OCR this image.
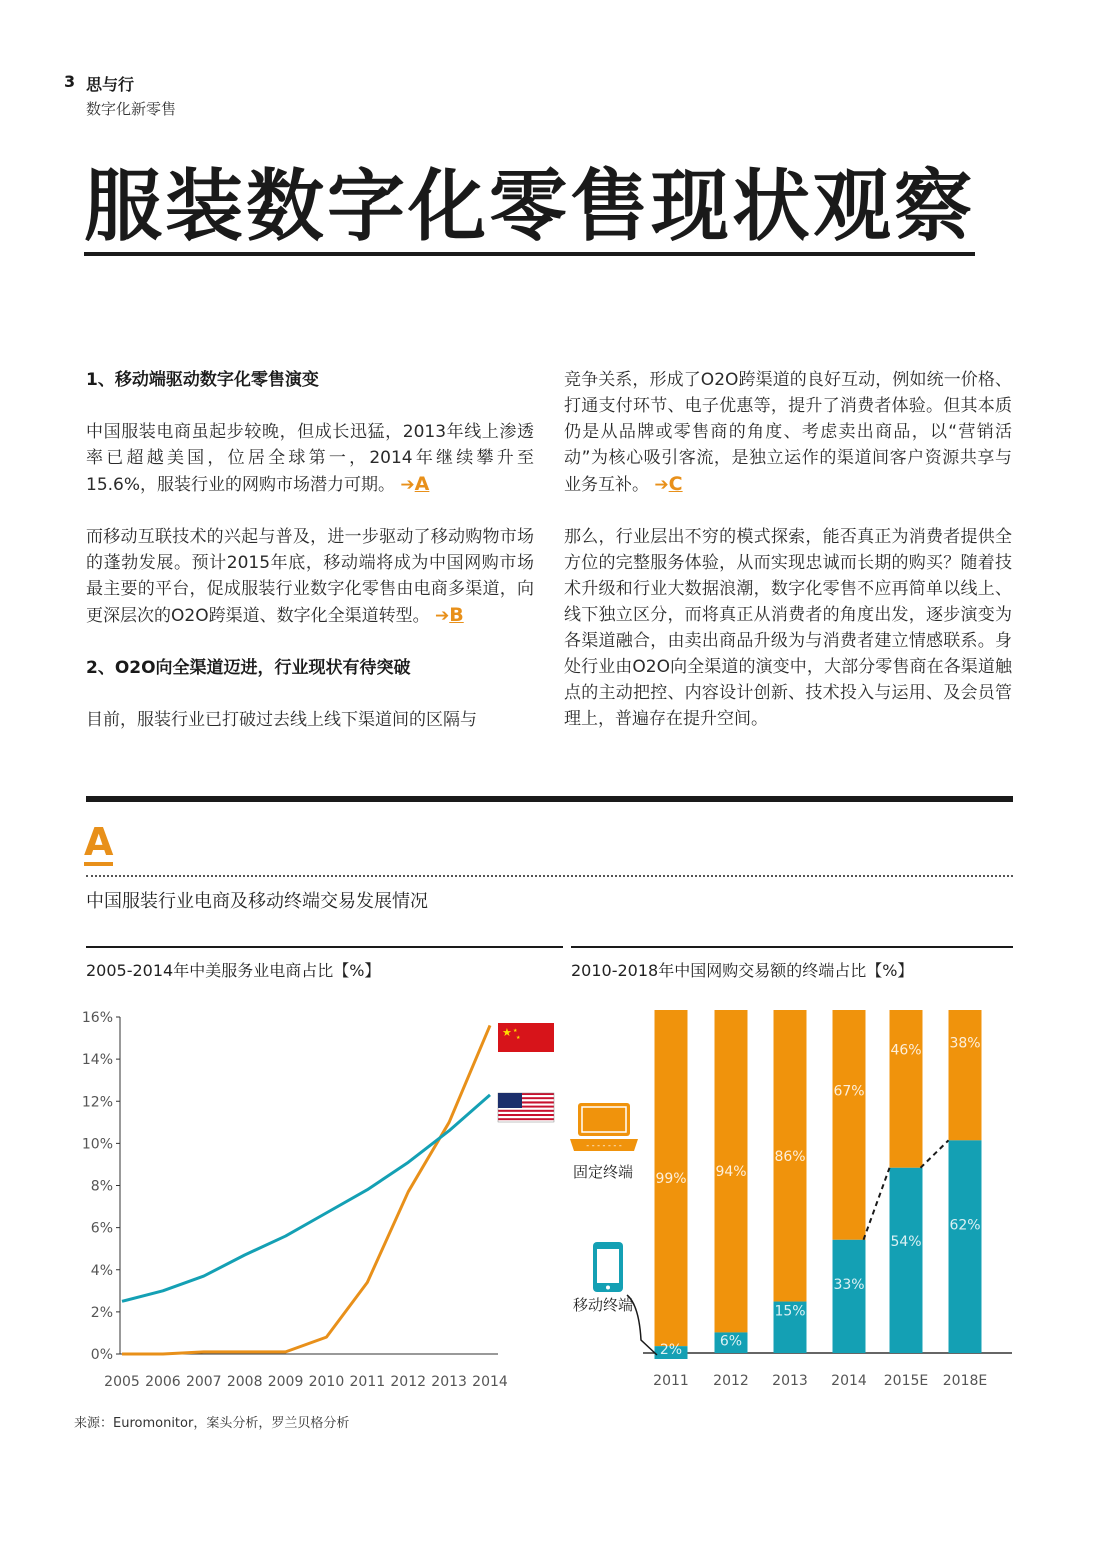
3 思与行
数字化新零售
服装数字化零售现状观察

1、移动端驱动数字化零售演变

中国服装电商虽起步较晚，但成长迅猛，2013年线上渗透率已超越美国，位居全球第一，2014年继续攀升至15.6%，服装行业的网购市场潜力可期。 ➔A

而移动互联技术的兴起与普及，进一步驱动了移动购物市场的蓬勃发展。预计2015年底，移动端将成为中国网购市场最主要的平台，促成服装行业数字化零售由电商多渠道，向更深层次的O2O跨渠道、数字化全渠道转型。 ➔B

2、O2O向全渠道迈进，行业现状有待突破

目前，服装行业已打破过去线上线下渠道间的区隔与

竞争关系，形成了O2O跨渠道的良好互动，例如统一价格、打通支付环节、电子优惠等，提升了消费者体验。但其本质仍是从品牌或零售商的角度、考虑卖出商品，以“营销活动”为核心吸引客流，是独立运作的渠道间客户资源共享与业务互补。 ➔C

那么，行业层出不穷的模式探索，能否真正为消费者提供全方位的完整服务体验，从而实现忠诚而长期的购买？随着技术升级和行业大数据浪潮，数字化零售不应再简单以线上、线下独立区分，而将真正从消费者的角度出发，逐步演变为各渠道融合，由卖出商品升级为与消费者建立情感联系。身处行业由O2O向全渠道的演变中，大部分零售商在各渠道触点的主动把控、内容设计创新、技术投入与运用、及会员管理上，普遍存在提升空间。

A
中国服装行业电商及移动终端交易发展情况
2005-2014年中美服务业电商占比【%】	2010-2018年中国网购交易额的终端占比【%】
0%
2%
4%
6%
8%
10%
12%
14%
16%
2005 2006 2007 2008 2009 2010 2011 2012 2013 2014
★ ★
★
99%
2%
2011
94%
6%
2012
86%
15%
2013
67%
33%
2014
46%
54%
2015E
38%
62%
2018E
- - - - - - -
固定终端
移动终端
来源：Euromonitor，案头分析，罗兰贝格分析
